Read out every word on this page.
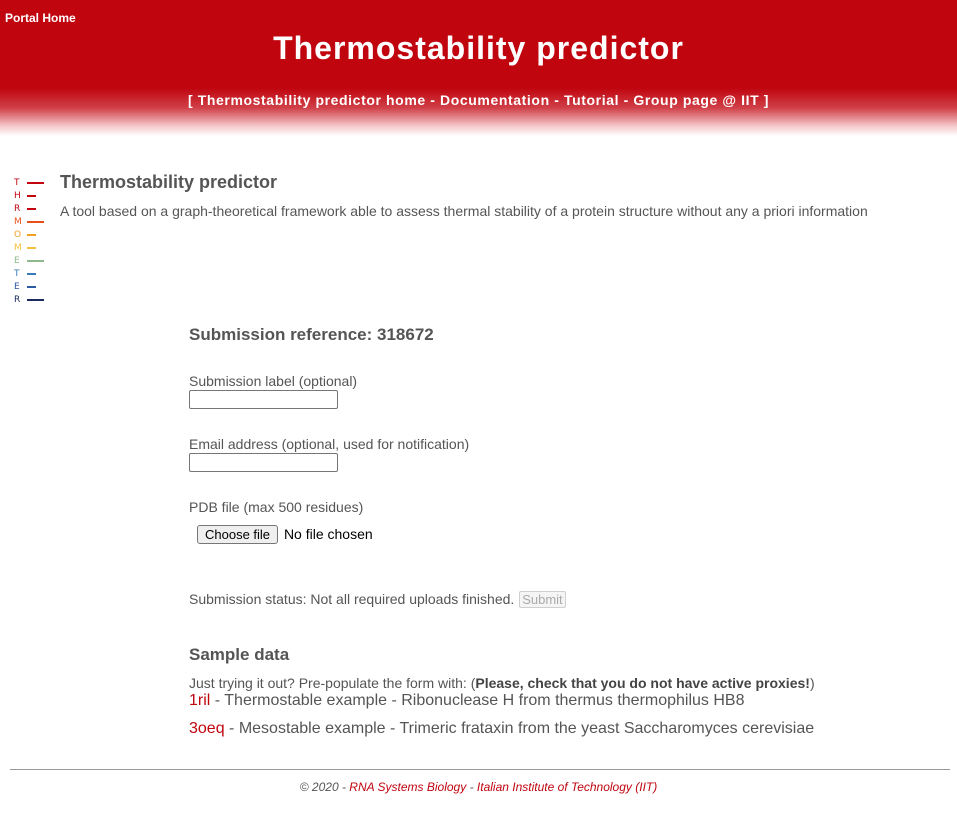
Portal Home
Thermostability predictor
[ Thermostability predictor home - Documentation - Tutorial - Group page @ IIT ]
T
H
R
M
O
M
E
T
E
R
Thermostability predictor

A tool based on a graph-theoretical framework able to assess thermal stability of a protein structure without any a priori information

Submission reference: 318672
Submission label (optional)
Email address (optional, used for notification)
PDB file (max 500 residues)
Choose file No file chosen
Submission status: Not all required uploads finished. Submit
Sample data
Just trying it out? Pre-populate the form with: (Please, check that you do not have active proxies!)
1ril - Thermostable example - Ribonuclease H from thermus thermophilus HB8
3oeq - Mesostable example - Trimeric frataxin from the yeast Saccharomyces cerevisiae
© 2020 - RNA Systems Biology - Italian Institute of Technology (IIT)
